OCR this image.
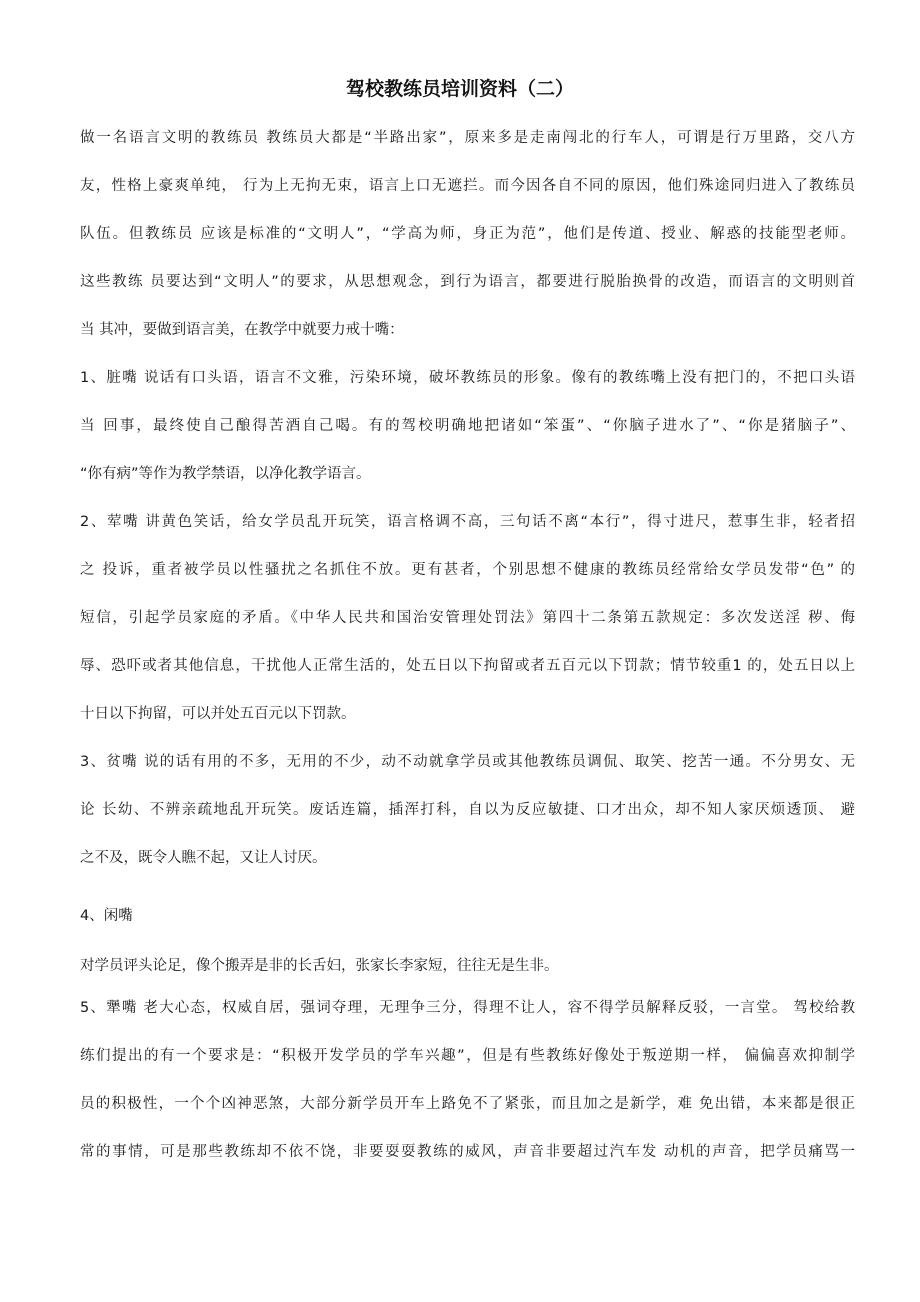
驾校教练员培训资料（二）
做一名语言文明的教练员 教练员大都是“半路出家”，原来多是走南闯北的行车人，可谓是行万里路，交八方
友，性格上豪爽单纯， 行为上无拘无束，语言上口无遮拦。而今因各自不同的原因，他们殊途同归进入了教练员
队伍。但教练员 应该是标准的“文明人”，“学高为师，身正为范”，他们是传道、授业、解惑的技能型老师。
这些教练 员要达到“文明人”的要求，从思想观念，到行为语言，都要进行脱胎换骨的改造，而语言的文明则首
当 其冲，要做到语言美，在教学中就要力戒十嘴：
1、脏嘴 说话有口头语，语言不文雅，污染环境，破坏教练员的形象。像有的教练嘴上没有把门的，不把口头语
当 回事，最终使自己酿得苦酒自己喝。有的驾校明确地把诸如“笨蛋”、“你脑子进水了”、“你是猪脑子”、
“你有病”等作为教学禁语，以净化教学语言。
2、荤嘴 讲黄色笑话，给女学员乱开玩笑，语言格调不高，三句话不离“本行”，得寸进尺，惹事生非，轻者招
之 投诉，重者被学员以性骚扰之名抓住不放。更有甚者，个别思想不健康的教练员经常给女学员发带“色” 的
短信，引起学员家庭的矛盾。《中华人民共和国治安管理处罚法》第四十二条第五款规定：多次发送淫 秽、侮
辱、恐吓或者其他信息，干扰他人正常生活的，处五日以下拘留或者五百元以下罚款；情节较重1 的，处五日以上
十日以下拘留，可以并处五百元以下罚款。
3、贫嘴 说的话有用的不多，无用的不少，动不动就拿学员或其他教练员调侃、取笑、挖苦一通。不分男女、无
论 长幼、不辨亲疏地乱开玩笑。废话连篇，插浑打科，自以为反应敏捷、口才出众，却不知人家厌烦透顶、 避
之不及，既令人瞧不起，又让人讨厌。
4、闲嘴
对学员评头论足，像个搬弄是非的长舌妇，张家长李家短，往往无是生非。
5、犟嘴 老大心态，权威自居，强词夺理，无理争三分，得理不让人，容不得学员解释反驳，一言堂。 驾校给教
练们提出的有一个要求是：“积极开发学员的学车兴趣”，但是有些教练好像处于叛逆期一样， 偏偏喜欢抑制学
员的积极性，一个个凶神恶煞，大部分新学员开车上路免不了紧张，而且加之是新学，难 免出错，本来都是很正
常的事情，可是那些教练却不依不饶，非要耍耍教练的威风，声音非要超过汽车发 动机的声音，把学员痛骂一
